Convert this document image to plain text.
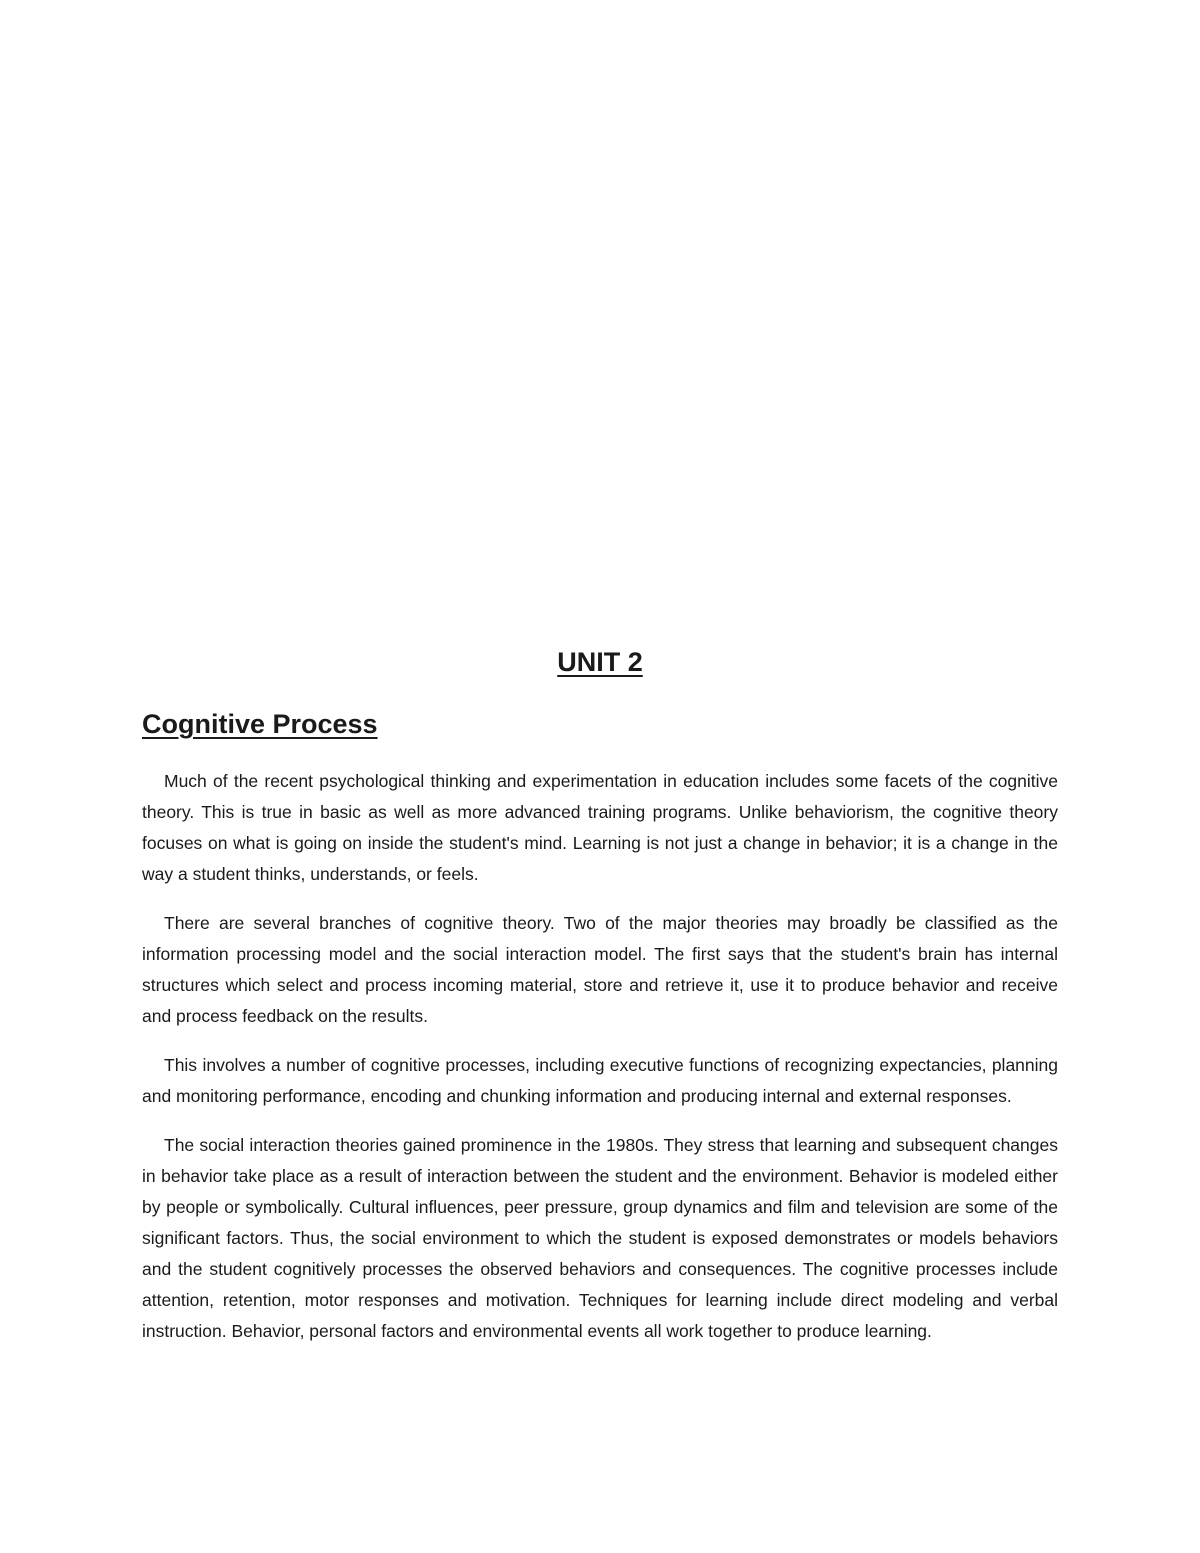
UNIT 2
Cognitive Process

Much of the recent psychological thinking and experimentation in education includes some facets of the cognitive theory. This is true in basic as well as more advanced training programs. Unlike behaviorism, the cognitive theory focuses on what is going on inside the student's mind. Learning is not just a change in behavior; it is a change in the way a student thinks, understands, or feels.

There are several branches of cognitive theory. Two of the major theories may broadly be classified as the information processing model and the social interaction model. The first says that the student's brain has internal structures which select and process incoming material, store and retrieve it, use it to produce behavior and receive and process feedback on the results.

This involves a number of cognitive processes, including executive functions of recognizing expectancies, planning and monitoring performance, encoding and chunking information and producing internal and external responses.

The social interaction theories gained prominence in the 1980s. They stress that learning and subsequent changes in behavior take place as a result of interaction between the student and the environment. Behavior is modeled either by people or symbolically. Cultural influences, peer pressure, group dynamics and film and television are some of the significant factors. Thus, the social environment to which the student is exposed demonstrates or models behaviors and the student cognitively processes the observed behaviors and consequences. The cognitive processes include attention, retention, motor responses and motivation. Techniques for learning include direct modeling and verbal instruction. Behavior, personal factors and environmental events all work together to produce learning.
